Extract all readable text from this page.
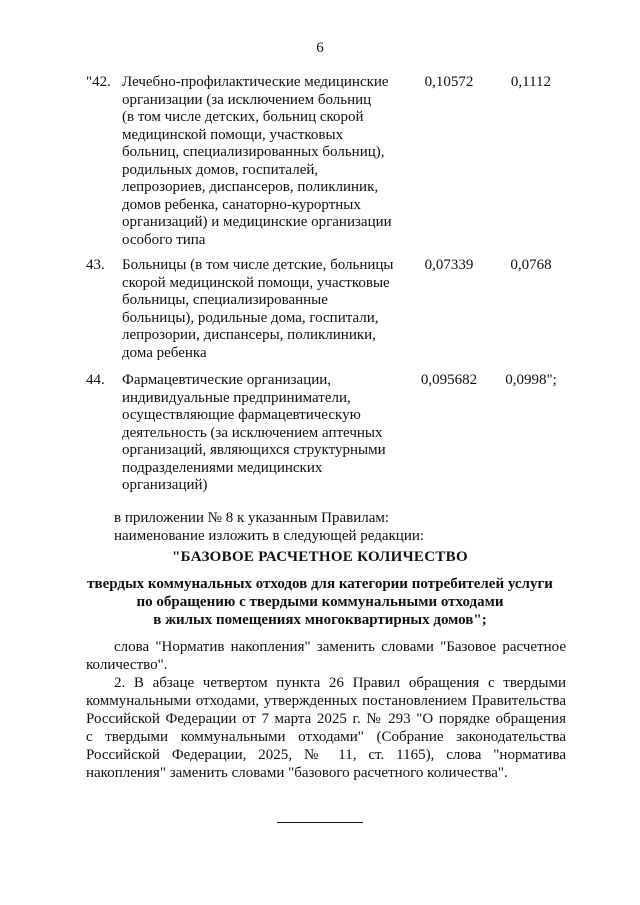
6
"42. Лечебно-профилактические медицинские
организации (за исключением больниц
(в том числе детских, больниц скорой
медицинской помощи, участковых
больниц, специализированных больниц),
родильных домов, госпиталей,
лепрозориев, диспансеров, поликлиник,
домов ребенка, санаторно-курортных
организаций) и медицинские организации
особого типа
0,10572	0,1112
43. Больницы (в том числе детские, больницы
скорой медицинской помощи, участковые
больницы, специализированные
больницы), родильные дома, госпитали,
лепрозории, диспансеры, поликлиники,
дома ребенка
0,07339	0,0768
44. Фармацевтические организации,
индивидуальные предприниматели,
осуществляющие фармацевтическую
деятельность (за исключением аптечных
организаций, являющихся структурными
подразделениями медицинских
организаций)
0,095682	0,0998";
в приложении № 8 к указанным Правилам:
наименование изложить в следующей редакции:
"БАЗОВОЕ РАСЧЕТНОЕ КОЛИЧЕСТВО
твердых коммунальных отходов для категории потребителей услуги
по обращению с твердыми коммунальными отходами
в жилых помещениях многоквартирных домов";
слова "Норматив накопления" заменить словами "Базовое расчетное
количество".
2. В абзаце четвертом пункта 26 Правил обращения с твердыми
коммунальными отходами, утвержденных постановлением Правительства
Российской Федерации от 7 марта 2025 г. № 293 "О порядке обращения
с твердыми коммунальными отходами" (Собрание законодательства
Российской Федерации, 2025, № 11, ст. 1165), слова "норматива
накопления" заменить словами "базового расчетного количества".
